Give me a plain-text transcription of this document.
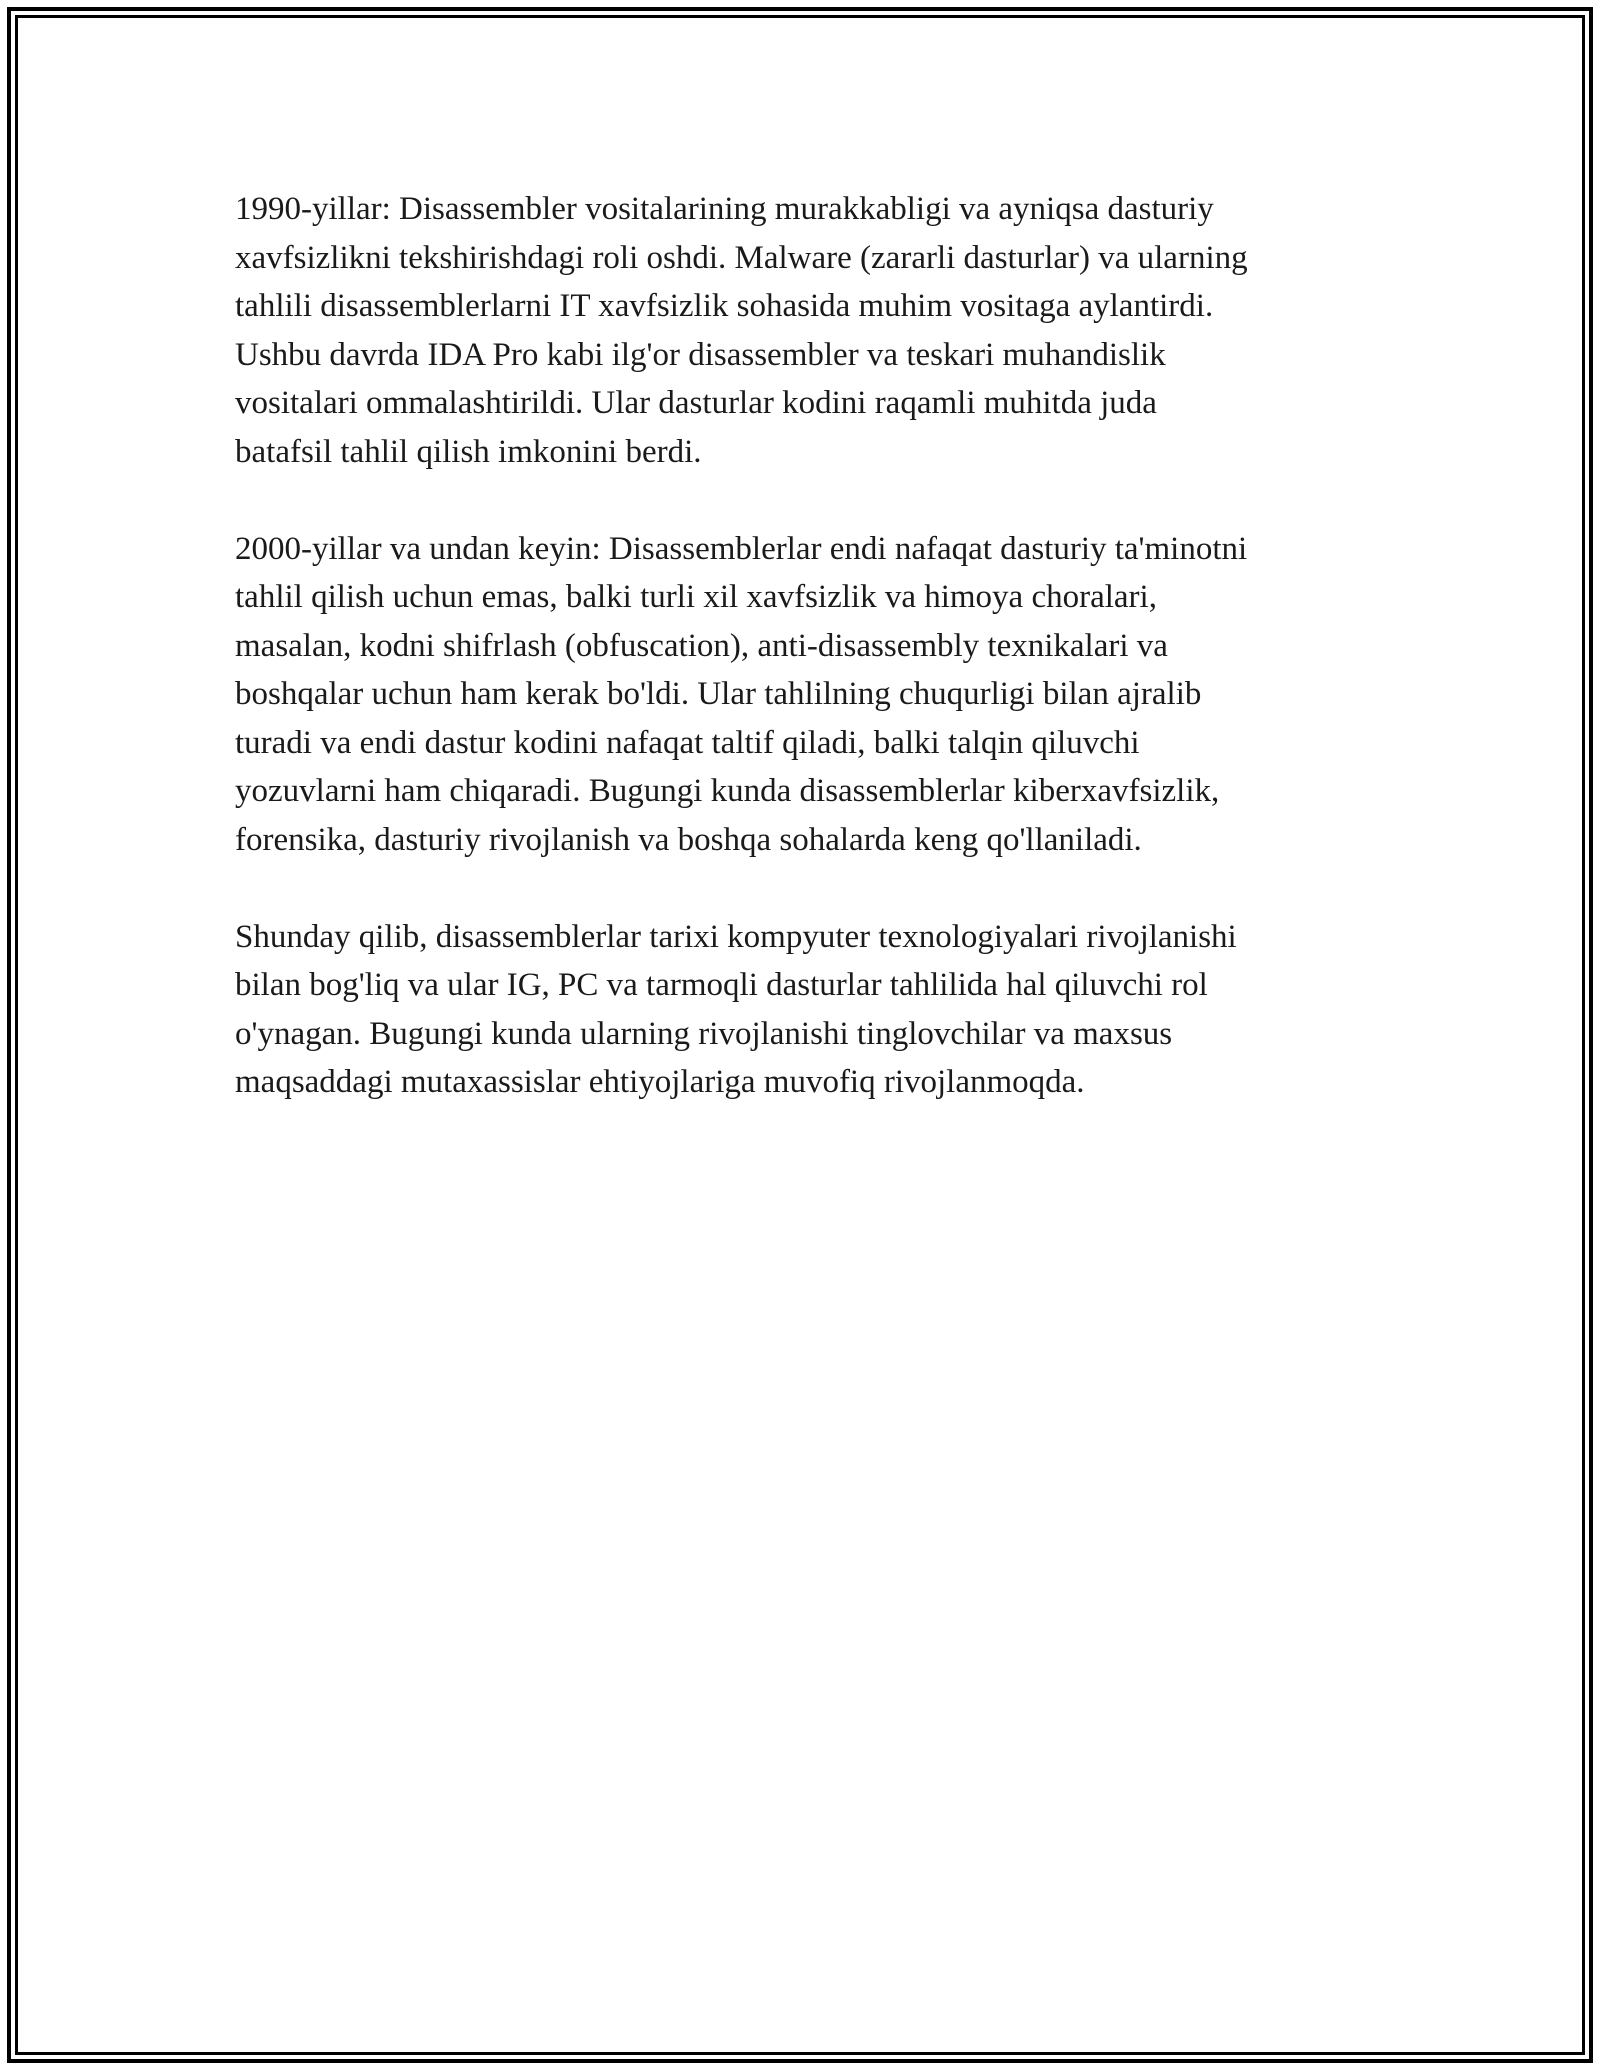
1990-yillar: Disassembler vositalarining murakkabligi va ayniqsa dasturiy
xavfsizlikni tekshirishdagi roli oshdi. Malware (zararli dasturlar) va ularning
tahlili disassemblerlarni IT xavfsizlik sohasida muhim vositaga aylantirdi.
Ushbu davrda IDA Pro kabi ilg'or disassembler va teskari muhandislik
vositalari ommalashtirildi. Ular dasturlar kodini raqamli muhitda juda
batafsil tahlil qilish imkonini berdi.

2000-yillar va undan keyin: Disassemblerlar endi nafaqat dasturiy ta'minotni
tahlil qilish uchun emas, balki turli xil xavfsizlik va himoya choralari,
masalan, kodni shifrlash (obfuscation), anti-disassembly texnikalari va
boshqalar uchun ham kerak bo'ldi. Ular tahlilning chuqurligi bilan ajralib
turadi va endi dastur kodini nafaqat taltif qiladi, balki talqin qiluvchi
yozuvlarni ham chiqaradi. Bugungi kunda disassemblerlar kiberxavfsizlik,
forensika, dasturiy rivojlanish va boshqa sohalarda keng qo'llaniladi.

Shunday qilib, disassemblerlar tarixi kompyuter texnologiyalari rivojlanishi
bilan bog'liq va ular IG, PC va tarmoqli dasturlar tahlilida hal qiluvchi rol
o'ynagan. Bugungi kunda ularning rivojlanishi tinglovchilar va maxsus
maqsaddagi mutaxassislar ehtiyojlariga muvofiq rivojlanmoqda.
